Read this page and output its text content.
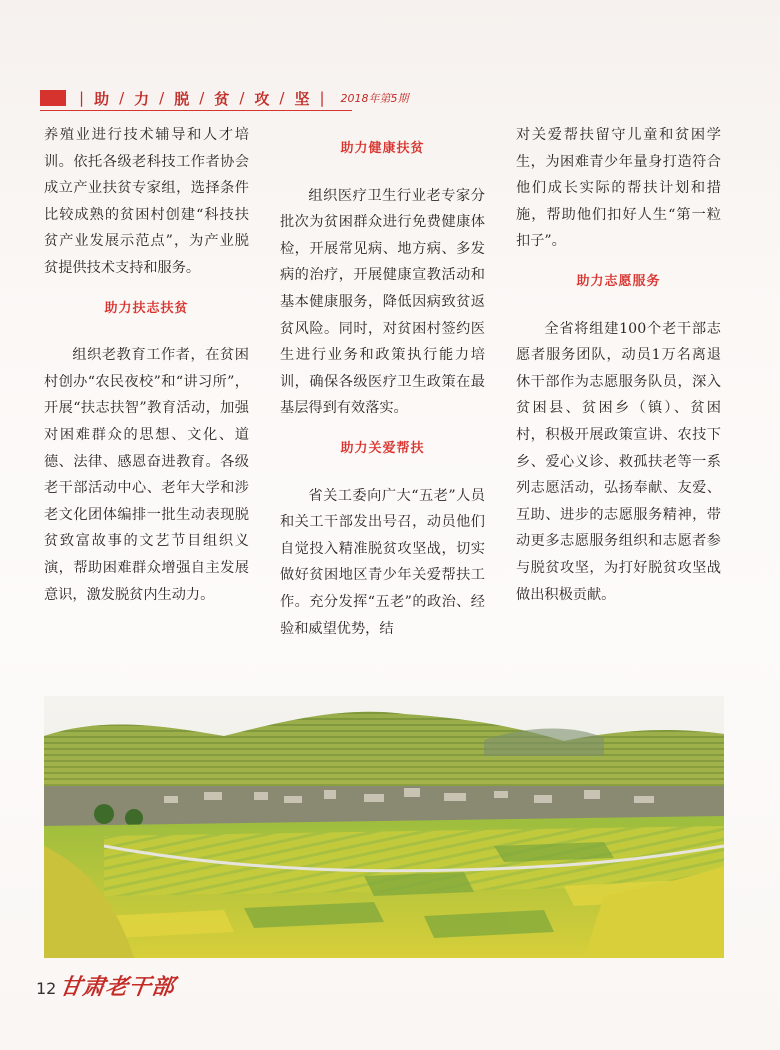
| 助 / 力 / 脱 / 贫 / 攻 / 坚 | 2018年第5期

养殖业进行技术辅导和人才培训。依托各级老科技工作者协会成立产业扶贫专家组，选择条件比较成熟的贫困村创建“科技扶贫产业发展示范点”，为产业脱贫提供技术支持和服务。

助力扶志扶贫

组织老教育工作者，在贫困村创办“农民夜校”和“讲习所”，开展“扶志扶智”教育活动，加强对困难群众的思想、文化、道德、法律、感恩奋进教育。各级老干部活动中心、老年大学和涉老文化团体编排一批生动表现脱贫致富故事的文艺节目组织义演，帮助困难群众增强自主发展意识，激发脱贫内生动力。

助力健康扶贫

组织医疗卫生行业老专家分批次为贫困群众进行免费健康体检，开展常见病、地方病、多发病的治疗，开展健康宣教活动和基本健康服务，降低因病致贫返贫风险。同时，对贫困村签约医生进行业务和政策执行能力培训，确保各级医疗卫生政策在最基层得到有效落实。

助力关爱帮扶

省关工委向广大“五老”人员和关工干部发出号召，动员他们自觉投入精准脱贫攻坚战，切实做好贫困地区青少年关爱帮扶工作。充分发挥“五老”的政治、经验和威望优势，结

对关爱帮扶留守儿童和贫困学生，为困难青少年量身打造符合他们成长实际的帮扶计划和措施，帮助他们扣好人生“第一粒扣子”。

助力志愿服务

全省将组建100个老干部志愿者服务团队，动员1万名离退休干部作为志愿服务队员，深入贫困县、贫困乡（镇）、贫困村，积极开展政策宣讲、农技下乡、爱心义诊、救孤扶老等一系列志愿活动，弘扬奉献、友爱、互助、进步的志愿服务精神，带动更多志愿服务组织和志愿者参与脱贫攻坚，为打好脱贫攻坚战做出积极贡献。

12 甘肃老干部
